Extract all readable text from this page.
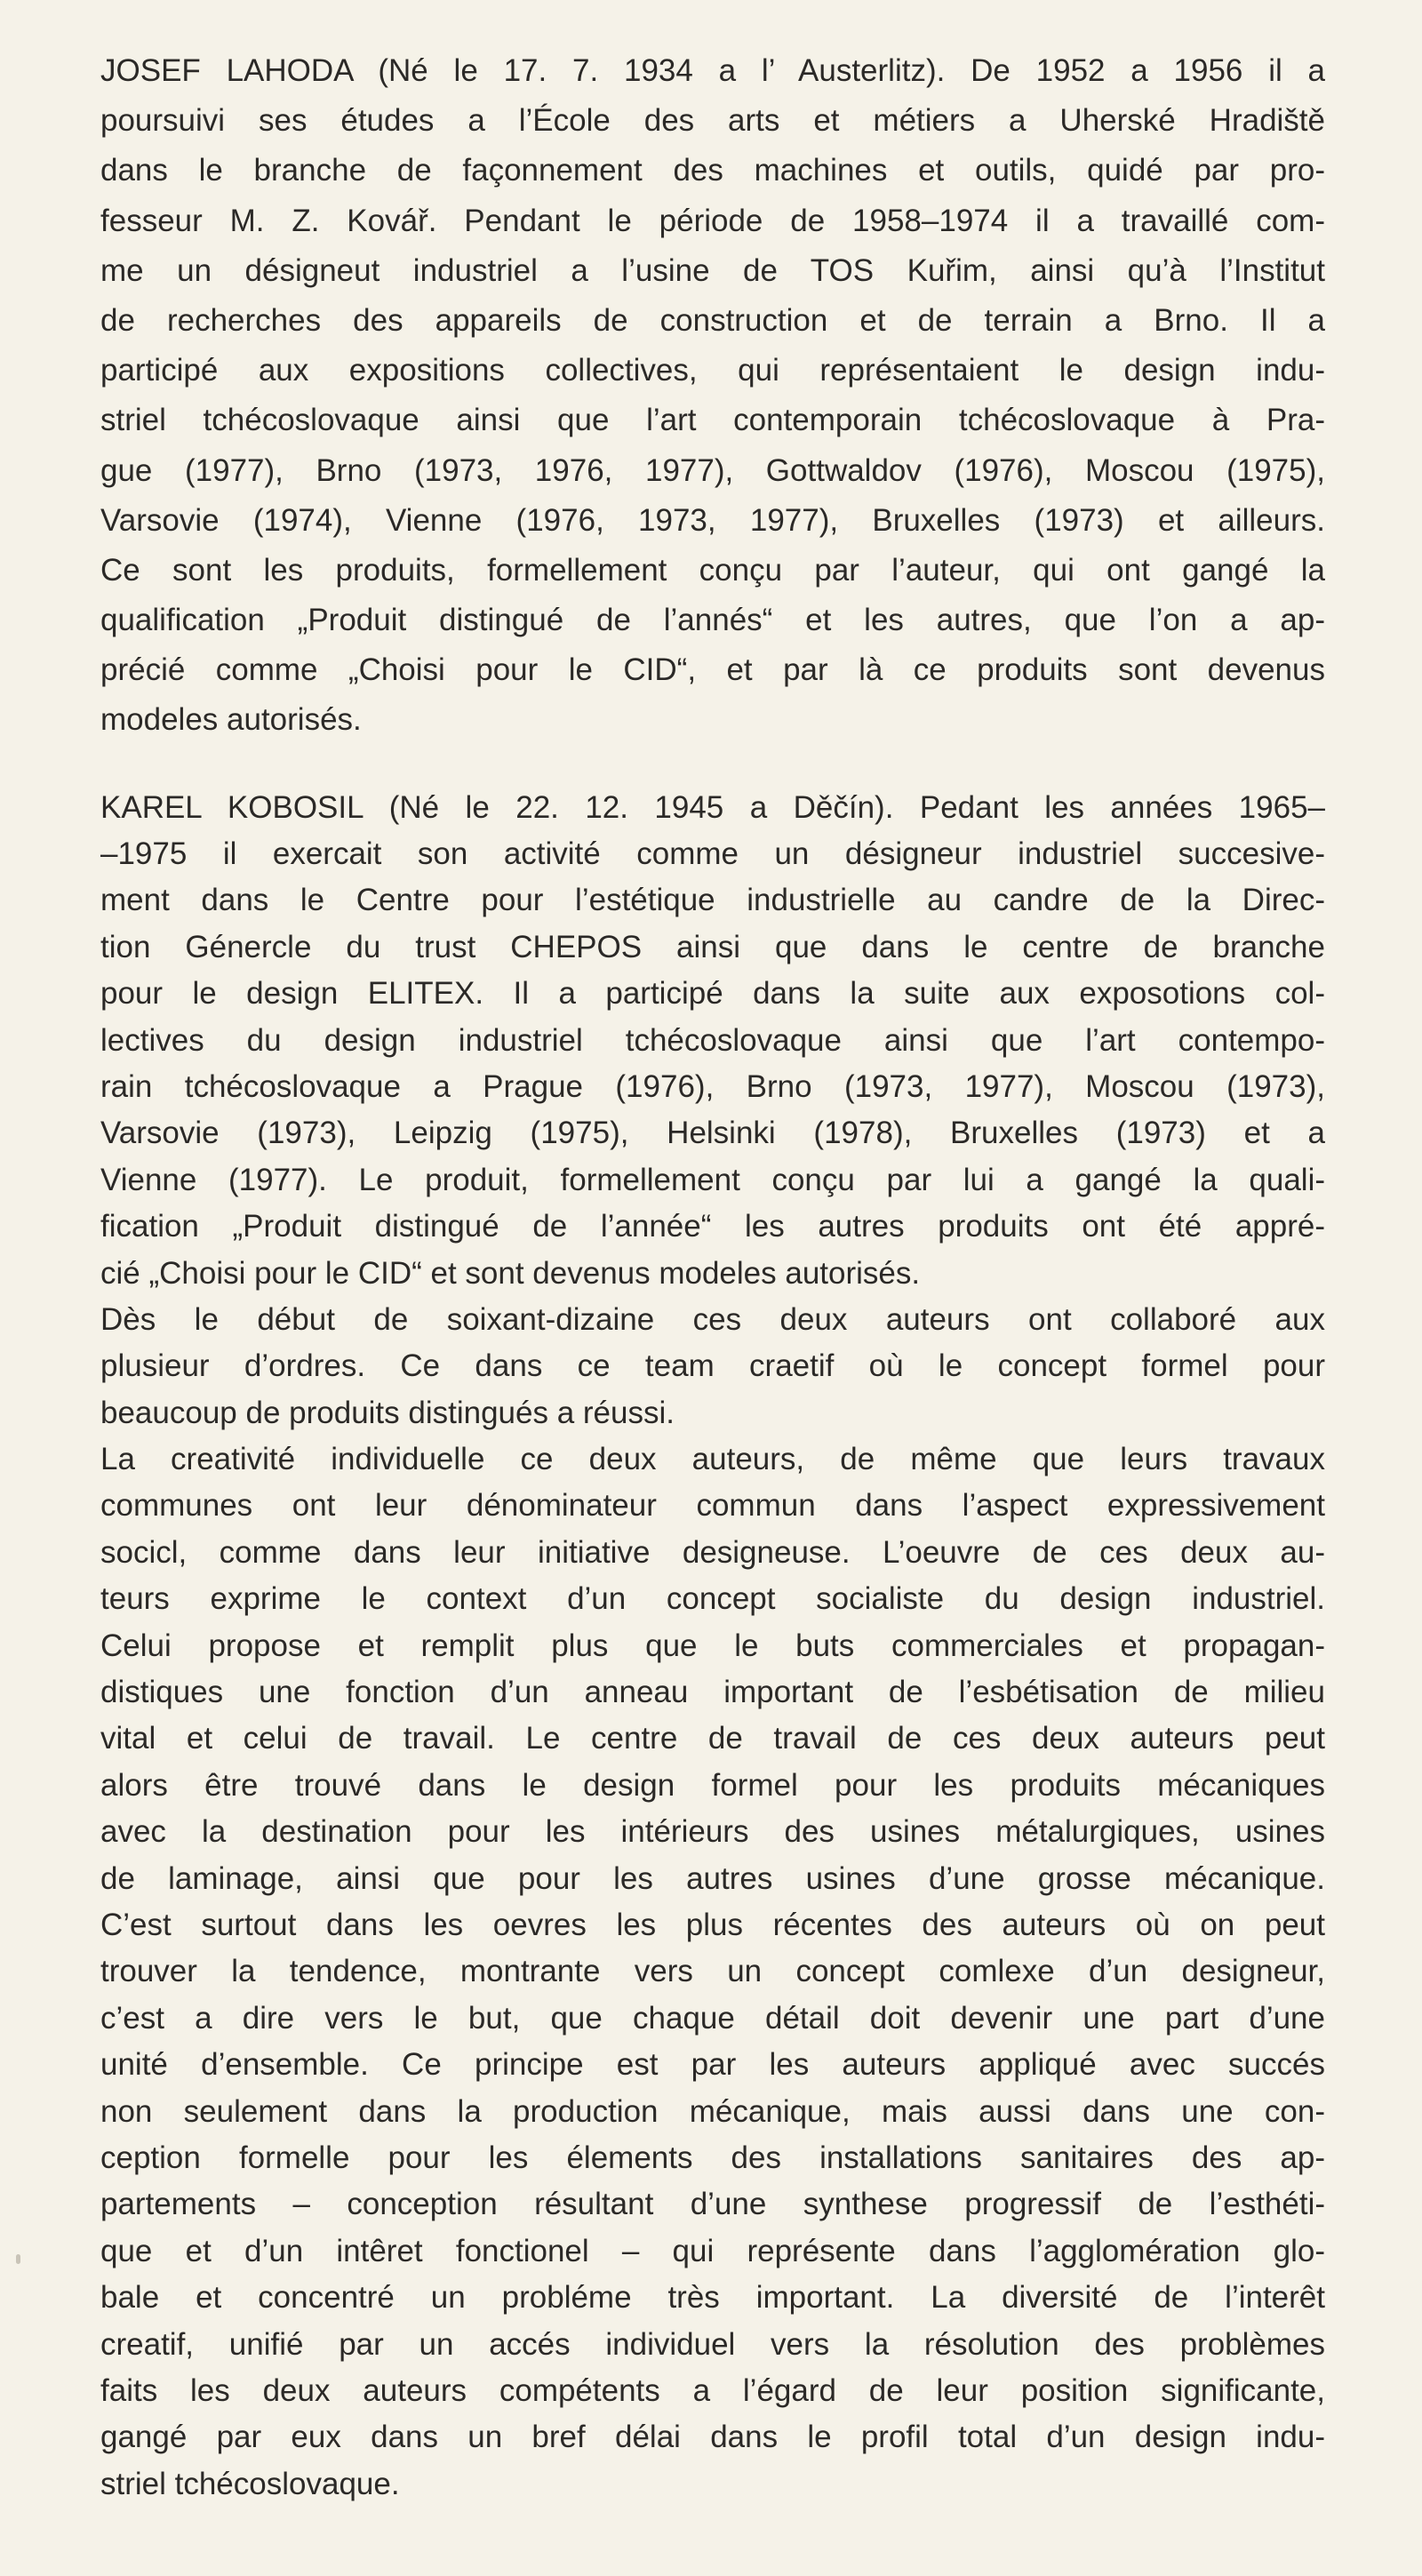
JOSEF LAHODA (Né le 17. 7. 1934 a l’ Austerlitz). De 1952 a 1956 il a
poursuivi ses études a l’École des arts et métiers a Uherské Hradiště
dans le branche de façonnement des machines et outils, quidé par pro-
fesseur M. Z. Kovář. Pendant le période de 1958–1974 il a travaillé com-
me un désigneut industriel a l’usine de TOS Kuřim, ainsi qu’à l’Institut
de recherches des appareils de construction et de terrain a Brno. Il a
participé aux expositions collectives, qui représentaient le design indu-
striel tchécoslovaque ainsi que l’art contemporain tchécoslovaque à Pra-
gue (1977), Brno (1973, 1976, 1977), Gottwaldov (1976), Moscou (1975),
Varsovie (1974), Vienne (1976, 1973, 1977), Bruxelles (1973) et ailleurs.
Ce sont les produits, formellement conçu par l’auteur, qui ont gangé la
qualification „Produit distingué de l’annés“ et les autres, que l’on a ap-
précié comme „Choisi pour le CID“, et par là ce produits sont devenus
modeles autorisés.
KAREL KOBOSIL (Né le 22. 12. 1945 a Děčín). Pedant les années 1965–
–1975 il exercait son activité comme un désigneur industriel succesive-
ment dans le Centre pour l’estétique industrielle au candre de la Direc-
tion Génercle du trust CHEPOS ainsi que dans le centre de branche
pour le design ELITEX. Il a participé dans la suite aux exposotions col-
lectives du design industriel tchécoslovaque ainsi que l’art contempo-
rain tchécoslovaque a Prague (1976), Brno (1973, 1977), Moscou (1973),
Varsovie (1973), Leipzig (1975), Helsinki (1978), Bruxelles (1973) et a
Vienne (1977). Le produit, formellement conçu par lui a gangé la quali-
fication „Produit distingué de l’année“ les autres produits ont été appré-
cié „Choisi pour le CID“ et sont devenus modeles autorisés.
Dès le début de soixant-dizaine ces deux auteurs ont collaboré aux
plusieur d’ordres. Ce dans ce team craetif où le concept formel pour
beaucoup de produits distingués a réussi.
La creativité individuelle ce deux auteurs, de même que leurs travaux
communes ont leur dénominateur commun dans l’aspect expressivement
socicl, comme dans leur initiative designeuse. L’oeuvre de ces deux au-
teurs exprime le context d’un concept socialiste du design industriel.
Celui propose et remplit plus que le buts commerciales et propagan-
distiques une fonction d’un anneau important de l’esbétisation de milieu
vital et celui de travail. Le centre de travail de ces deux auteurs peut
alors être trouvé dans le design formel pour les produits mécaniques
avec la destination pour les intérieurs des usines métalurgiques, usines
de laminage, ainsi que pour les autres usines d’une grosse mécanique.
C’est surtout dans les oevres les plus récentes des auteurs où on peut
trouver la tendence, montrante vers un concept comlexe d’un designeur,
c’est a dire vers le but, que chaque détail doit devenir une part d’une
unité d’ensemble. Ce principe est par les auteurs appliqué avec succés
non seulement dans la production mécanique, mais aussi dans une con-
ception formelle pour les élements des installations sanitaires des ap-
partements – conception résultant d’une synthese progressif de l’esthéti-
que et d’un intêret fonctionel – qui représente dans l’agglomération glo-
bale et concentré un probléme très important. La diversité de l’interêt
creatif, unifié par un accés individuel vers la résolution des problèmes
faits les deux auteurs compétents a l’égard de leur position significante,
gangé par eux dans un bref délai dans le profil total d’un design indu-
striel tchécoslovaque.
